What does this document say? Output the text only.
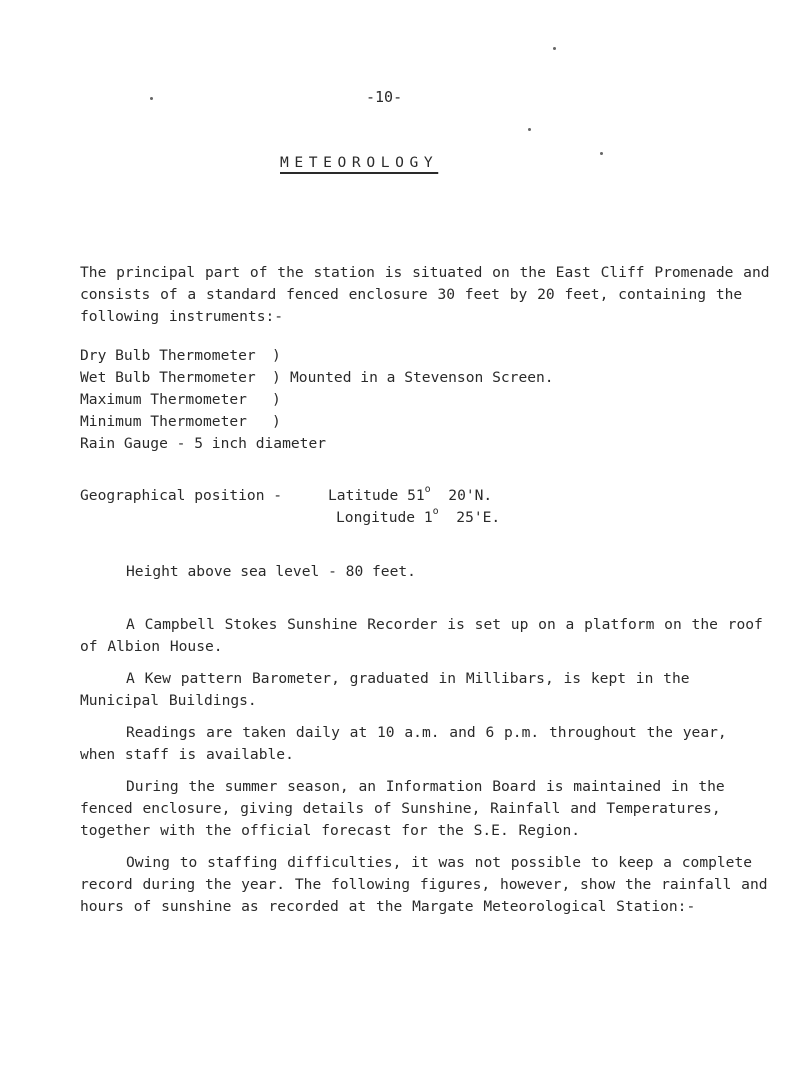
-10-
METEOROLOGY
The principal part of the station is situated on the East Cliff Promenade and consists of a standard fenced enclosure 30 feet by 20 feet, containing the following instruments:-
Dry Bulb Thermometer
Wet Bulb Thermometer
Maximum Thermometer
Minimum Thermometer
)
)
)
)
Mounted in a Stevenson Screen.
Rain Gauge - 5 inch diameter
Geographical position -	Latitude 51$^o$ 20'N.
Longitude 1$^o$ 25'E.
Height above sea level - 80 feet.
A Campbell Stokes Sunshine Recorder is set up on a platform on the roof of Albion House.
A Kew pattern Barometer, graduated in Millibars, is kept in the Municipal Buildings.
Readings are taken daily at 10 a.m. and 6 p.m. throughout the year, when staff is available.
During the summer season, an Information Board is maintained in the fenced enclosure, giving details of Sunshine, Rainfall and Temperatures, together with the official forecast for the S.E. Region.
Owing to staffing difficulties, it was not possible to keep a complete record during the year. The following figures, however, show the rainfall and hours of sunshine as recorded at the Margate Meteorological Station:-
